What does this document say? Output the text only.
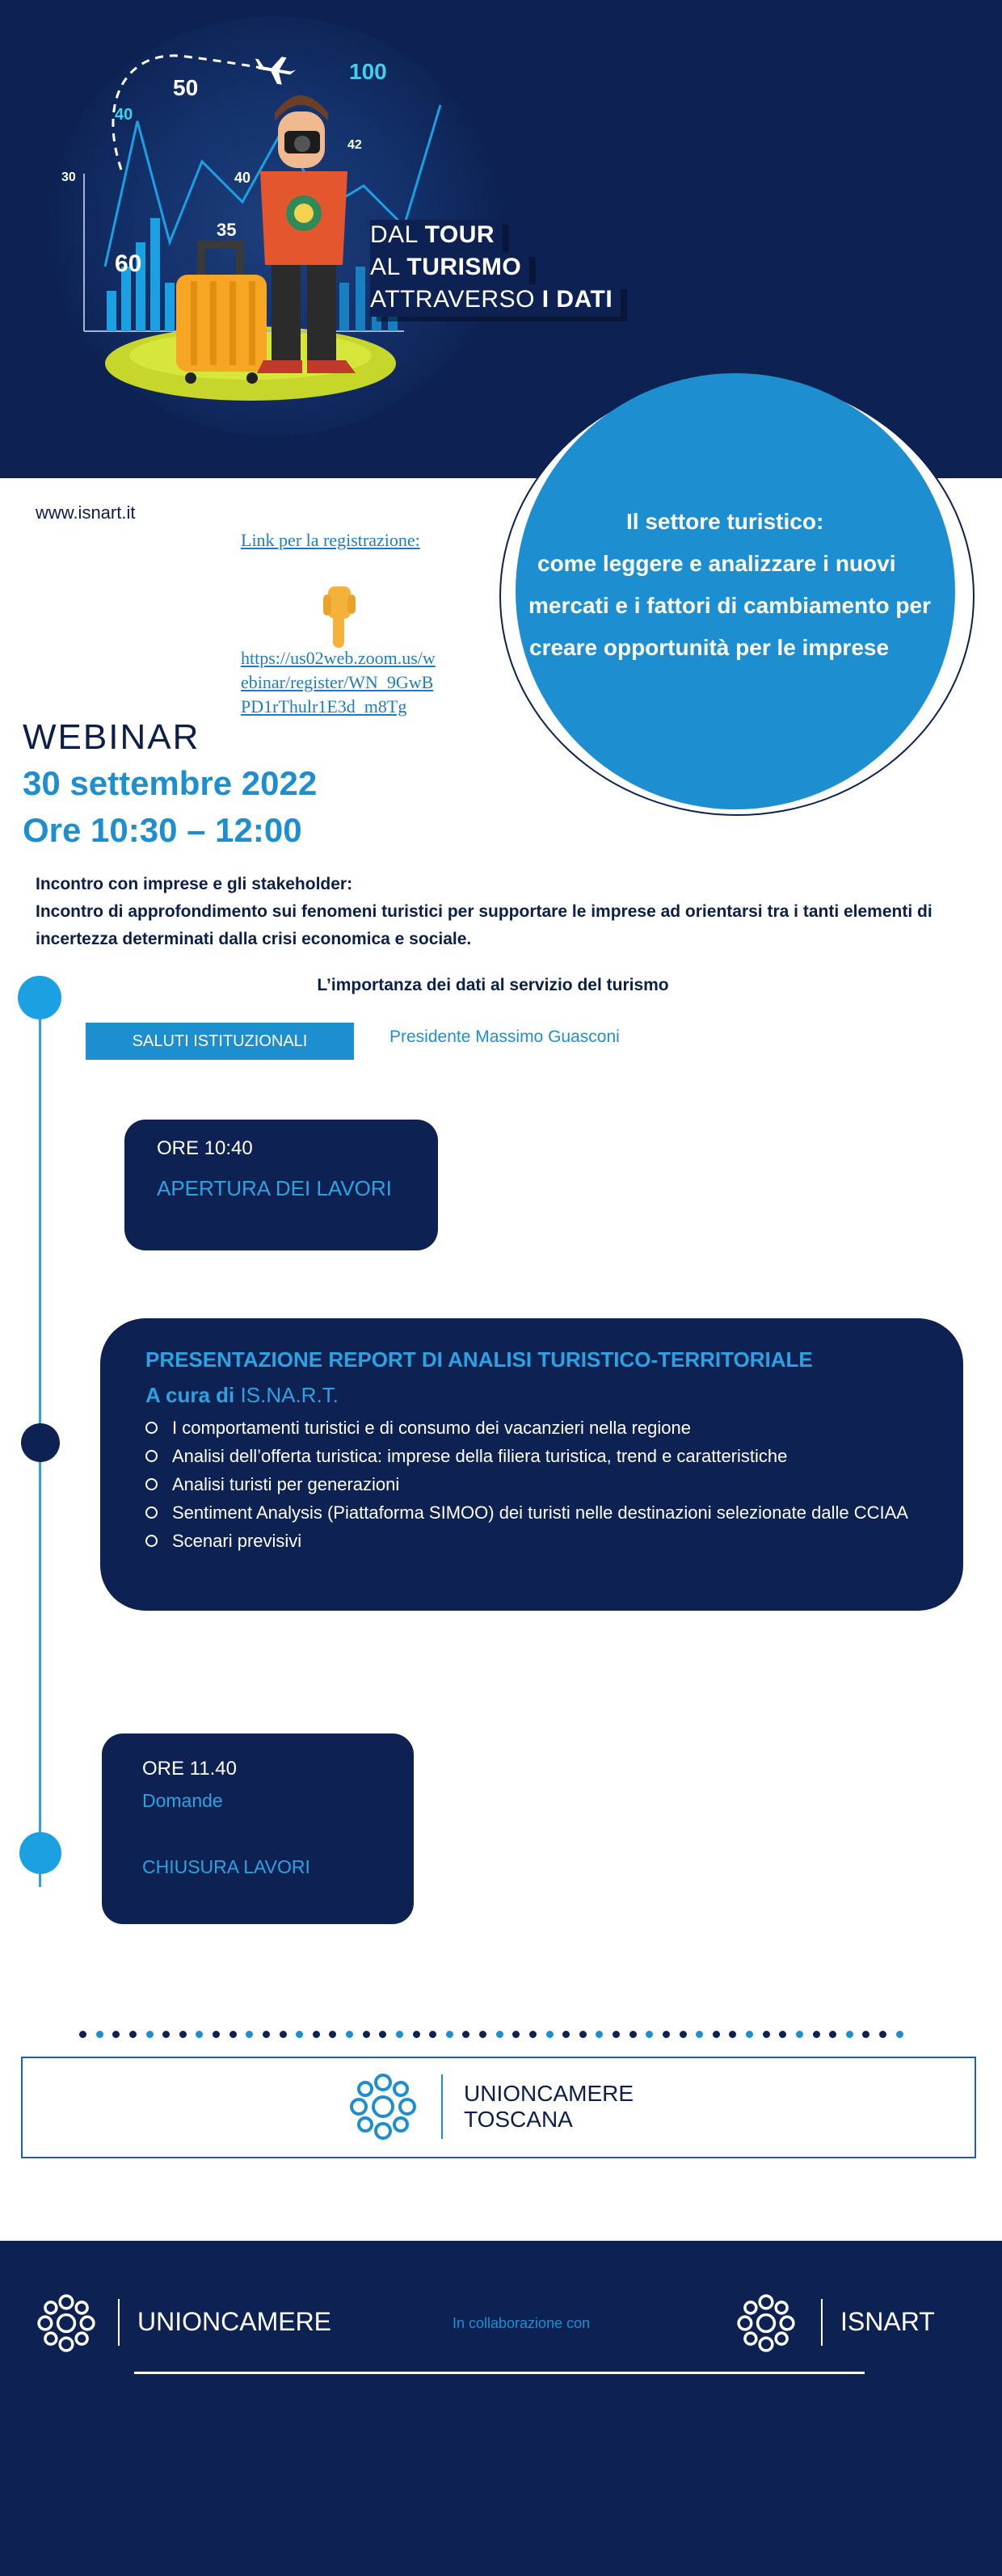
50
100
40
30	40
35
60
42
DAL TOUR
AL TURISMO
ATTRAVERSO I DATI
www.isnart.it	Il settore turistico:
come leggere e analizzare i nuovi
mercati e i fattori di cambiamento per
creare opportunità per le imprese
Link per la registrazione:
https://us02web.zoom.us/webinar/register/WN_9GwBPD1rThulr1E3d_m8Tg
WEBINAR
30 settembre 2022
Ore 10:30 – 12:00
Incontro con imprese e gli stakeholder:
Incontro di approfondimento sui fenomeni turistici per supportare le imprese ad orientarsi tra i tanti elementi di incertezza determinati dalla crisi economica e sociale.
L’importanza dei dati al servizio del turismo
SALUTI ISTITUZIONALI	Presidente Massimo Guasconi
ORE 10:40
APERTURA DEI LAVORI
PRESENTAZIONE REPORT DI ANALISI TURISTICO-TERRITORIALE
A cura di IS.NA.R.T.
I comportamenti turistici e di consumo dei vacanzieri nella regione
Analisi dell’offerta turistica: imprese della filiera turistica, trend e caratteristiche
Analisi turisti per generazioni
Sentiment Analysis (Piattaforma SIMOO) dei turisti nelle destinazioni selezionate dalle CCIAA
Scenari previsivi
ORE 11.40
Domande
CHIUSURA LAVORI
UNIONCAMERE
TOSCANA
UNIONCAMERE	In collaborazione con	ISNART
